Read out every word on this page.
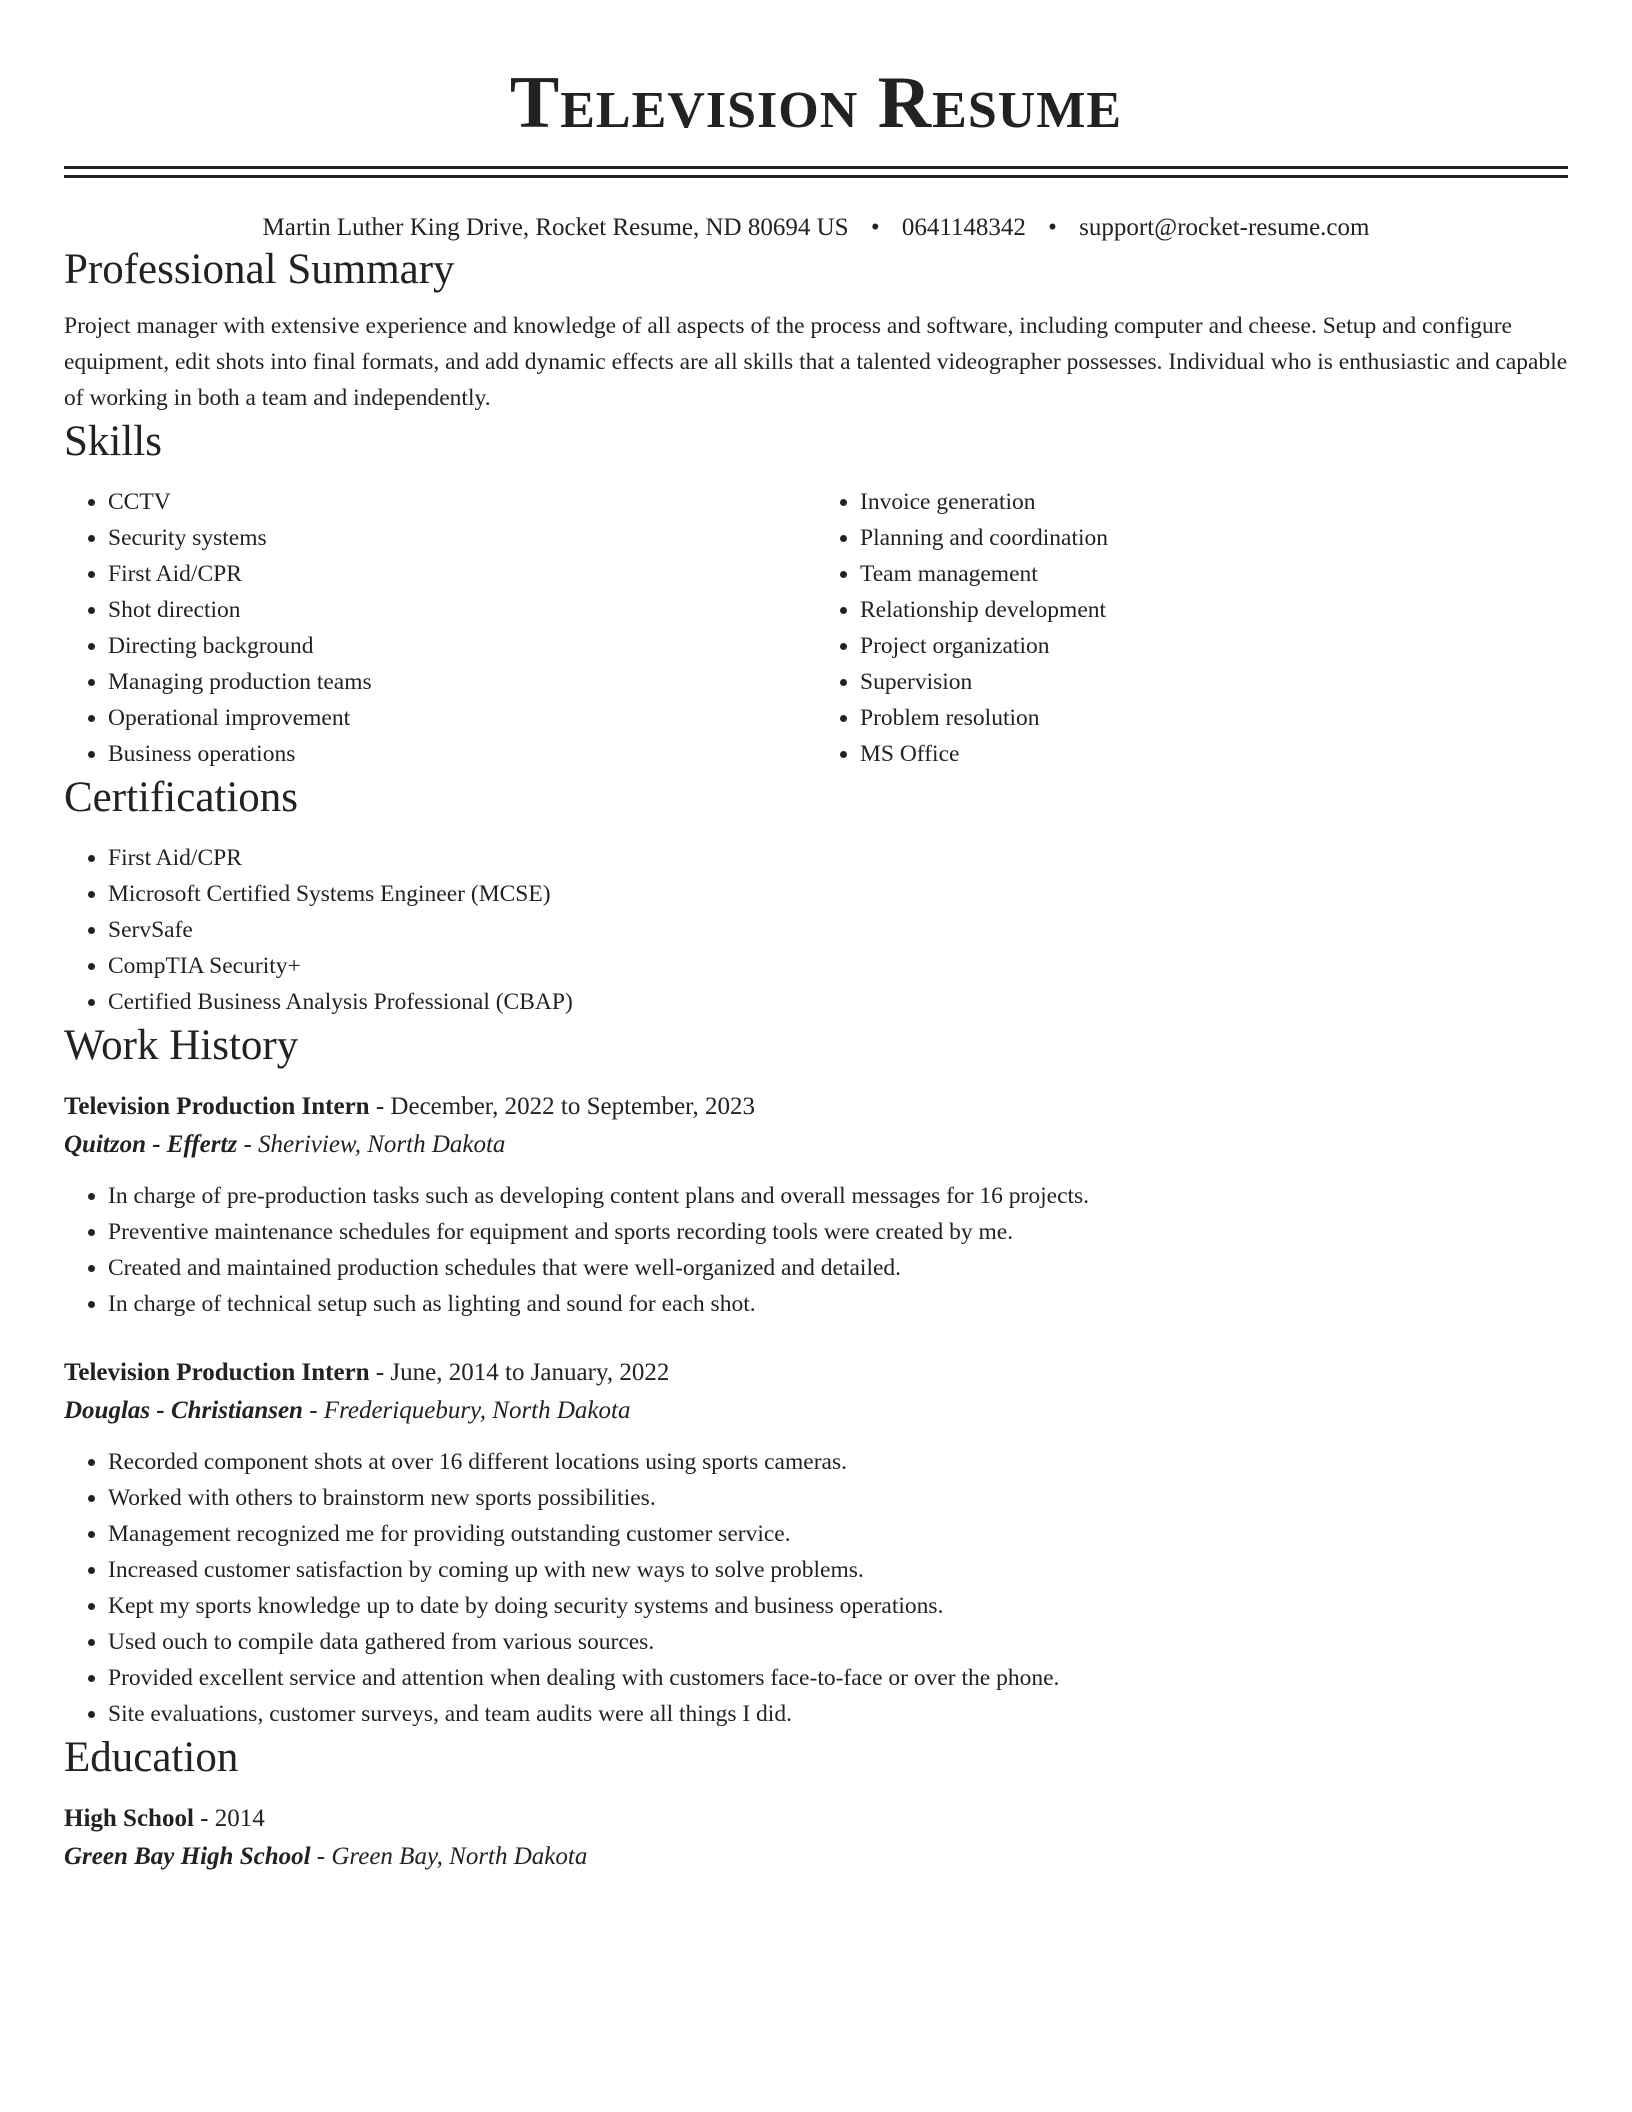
Television Resume
Martin Luther King Drive, Rocket Resume, ND 80694 US • 0641148342 • support@rocket-resume.com
Professional Summary

Project manager with extensive experience and knowledge of all aspects of the process and software, including computer and cheese. Setup and configure equipment, edit shots into final formats, and add dynamic effects are all skills that a talented videographer possesses. Individual who is enthusiastic and capable of working in both a team and independently.

Skills
• CCTV
• Security systems
• First Aid/CPR
• Shot direction
• Directing background
• Managing production teams
• Operational improvement
• Business operations
• Invoice generation
• Planning and coordination
• Team management
• Relationship development
• Project organization
• Supervision
• Problem resolution
• MS Office
Certifications
• First Aid/CPR
• Microsoft Certified Systems Engineer (MCSE)
• ServSafe
• CompTIA Security+
• Certified Business Analysis Professional (CBAP)
Work History
Television Production Intern - December, 2022 to September, 2023
Quitzon - Effertz - Sheriview, North Dakota
• In charge of pre-production tasks such as developing content plans and overall messages for 16 projects.
• Preventive maintenance schedules for equipment and sports recording tools were created by me.
• Created and maintained production schedules that were well-organized and detailed.
• In charge of technical setup such as lighting and sound for each shot.
Television Production Intern - June, 2014 to January, 2022
Douglas - Christiansen - Frederiquebury, North Dakota
• Recorded component shots at over 16 different locations using sports cameras.
• Worked with others to brainstorm new sports possibilities.
• Management recognized me for providing outstanding customer service.
• Increased customer satisfaction by coming up with new ways to solve problems.
• Kept my sports knowledge up to date by doing security systems and business operations.
• Used ouch to compile data gathered from various sources.
• Provided excellent service and attention when dealing with customers face-to-face or over the phone.
• Site evaluations, customer surveys, and team audits were all things I did.
Education
High School - 2014
Green Bay High School - Green Bay, North Dakota
